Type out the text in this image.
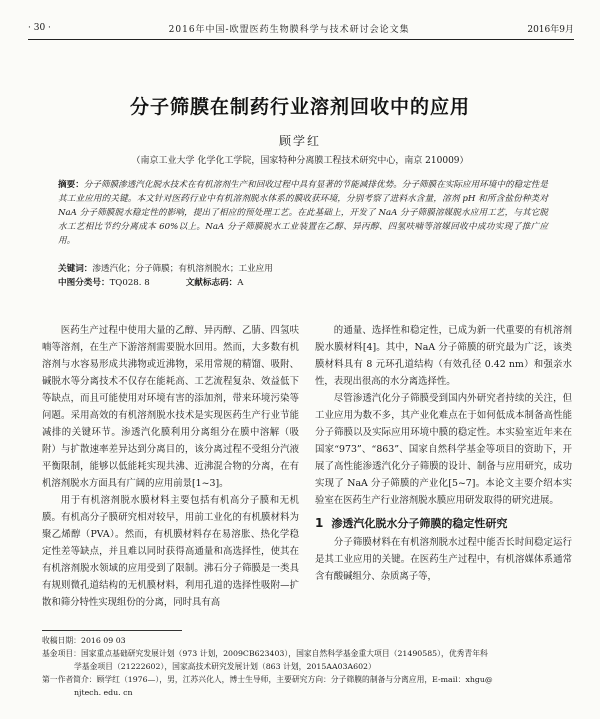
· 30 ·	2016年中国-欧盟医药生物膜科学与技术研讨会论文集	2016年9月
分子筛膜在制药行业溶剂回收中的应用
顾学红
（南京工业大学 化学化工学院，国家特种分离膜工程技术研究中心，南京 210009）
摘要：分子筛膜渗透汽化脱水技术在有机溶剂生产和回收过程中具有显著的节能减排优势。分子筛膜在实际应用环境中的稳定性是其工业应用的关键。本文针对医药行业中有机溶剂脱水体系的膜收获环境，分别考察了进料水含量，溶剂 pH 和所含盐份种类对 NaA 分子筛膜脱水稳定性的影响，提出了相应的预处理工艺。在此基础上，开发了 NaA 分子筛膜溶媒脱水应用工艺，与其它脱水工艺相比节约分离成本 60%以上。NaA 分子筛膜脱水工业装置在乙醇、异丙醇、四氢呋喃等溶媒回收中成功实现了推广应用。
关键词：渗透汽化；分子筛膜；有机溶剂脱水；工业应用
中图分类号：TQ028. 8	文献标志码：A

医药生产过程中使用大量的乙醇、异丙醇、乙腈、四氢呋喃等溶剂，在生产下游溶剂需要脱水回用。然而，大多数有机溶剂与水容易形成共沸物或近沸物，采用常规的精馏、吸附、碱脱水等分离技术不仅存在能耗高、工艺流程复杂、效益低下等缺点，而且可能使用对环境有害的添加剂，带来环境污染等问题。采用高效的有机溶剂脱水技术是实现医药生产行业节能减排的关键环节。渗透汽化膜利用分离组分在膜中溶解（吸附）与扩散速率差异达到分离目的，该分离过程不受组分汽液平衡限制，能够以低能耗实现共沸、近沸混合物的分离，在有机溶剂脱水方面具有广阔的应用前景[1~3]。

用于有机溶剂脱水膜材料主要包括有机高分子膜和无机膜。有机高分子膜研究相对较早，用前工业化的有机膜材料为聚乙烯醇（PVA）。然而，有机膜材料存在易溶胀、热化学稳定性差等缺点，并且难以同时获得高通量和高选择性，使其在有机溶剂脱水领域的应用受到了限制。沸石分子筛膜是一类具有规则微孔道结构的无机膜材料，利用孔道的选择性吸附—扩散和筛分特性实现组份的分离，同时具有高

的通量、选择性和稳定性，已成为新一代重要的有机溶剂脱水膜材料[4]。其中，NaA 分子筛膜的研究最为广泛，该类膜材料具有 8 元环孔道结构（有效孔径 0.42 nm）和强亲水性，表现出很高的水分离选择性。

尽管渗透汽化分子筛膜受到国内外研究者持续的关注，但工业应用为数不多，其产业化难点在于如何低成本制备高性能分子筛膜以及实际应用环境中膜的稳定性。本实验室近年来在国家“973”、“863”、国家自然科学基金等项目的资助下，开展了高性能渗透汽化分子筛膜的设计、制备与应用研究，成功实现了 NaA 分子筛膜的产业化[5~7]。本论文主要介绍本实验室在医药生产行业溶剂脱水膜应用研发取得的研究进展。

1 渗透汽化脱水分子筛膜的稳定性研究

分子筛膜材料在有机溶剂脱水过程中能否长时间稳定运行是其工业应用的关键。在医药生产过程中，有机溶媒体系通常含有酸碱组分、杂质离子等，

收稿日期：2016 09 03
基金项目：国家重点基础研究发展计划（973 计划，2009CB623403），国家自然科学基金重大项目（21490585），优秀青年科
学基金项目（21222602），国家高技术研究发展计划（863 计划，2015AA03A602）
第一作者简介：顾学红（1976—），男，江苏兴化人，博士生导师，主要研究方向：分子筛膜的制备与分离应用，E-mail：xhgu@
njtech. edu. cn
